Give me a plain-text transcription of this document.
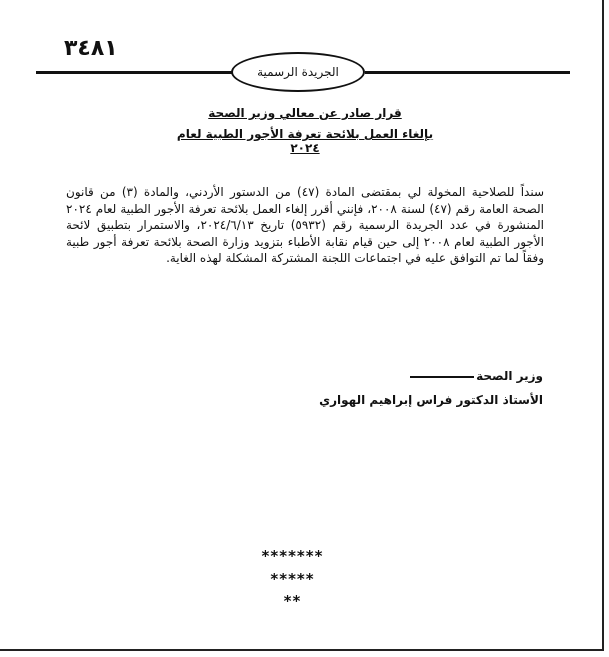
٣٤٨١
الجريدة الرسمية
قرار صادر عن معالي وزير الصحة
بإلغاء العمل بلائحة تعرفة الأجور الطبية لعام ٢٠٢٤

سنداً للصلاحية المخولة لي بمقتضى المادة (٤٧) من الدستور الأردني، والمادة (٣) من قانون الصحة العامة رقم (٤٧) لسنة ٢٠٠٨، فإنني أقرر إلغاء العمل بلائحة تعرفة الأجور الطبية لعام ٢٠٢٤ المنشورة في عدد الجريدة الرسمية رقم (٥٩٣٢) تاريخ ٢٠٢٤/٦/١٣، والاستمرار بتطبيق لائحة الأجور الطبية لعام ٢٠٠٨ إلى حين قيام نقابة الأطباء بتزويد وزارة الصحة بلائحة تعرفة أجور طبية وفقاً لما تم التوافق عليه في اجتماعات اللجنة المشتركة المشكلة لهذه الغاية.

وزير الصحة
الأستاذ الدكتور فراس إبراهيم الهواري
*******
*****
**
